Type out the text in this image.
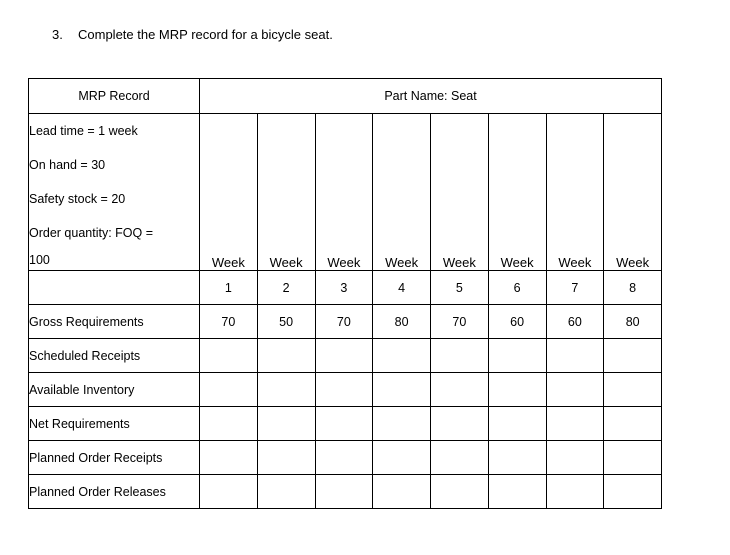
3. Complete the MRP record for a bicycle seat.
MRP Record	Part Name: Seat							

Lead time = 1 week
On hand = 30
Safety stock = 20
Order quantity: FOQ =
100	Week	Week	Week	Week	Week	Week	Week	Week
	1	2	3	4	5	6	7	8
Gross Requirements	70	50	70	80	70	60	60	80
Scheduled Receipts								
Available Inventory								
Net Requirements								
Planned Order Receipts								
Planned Order Releases								
